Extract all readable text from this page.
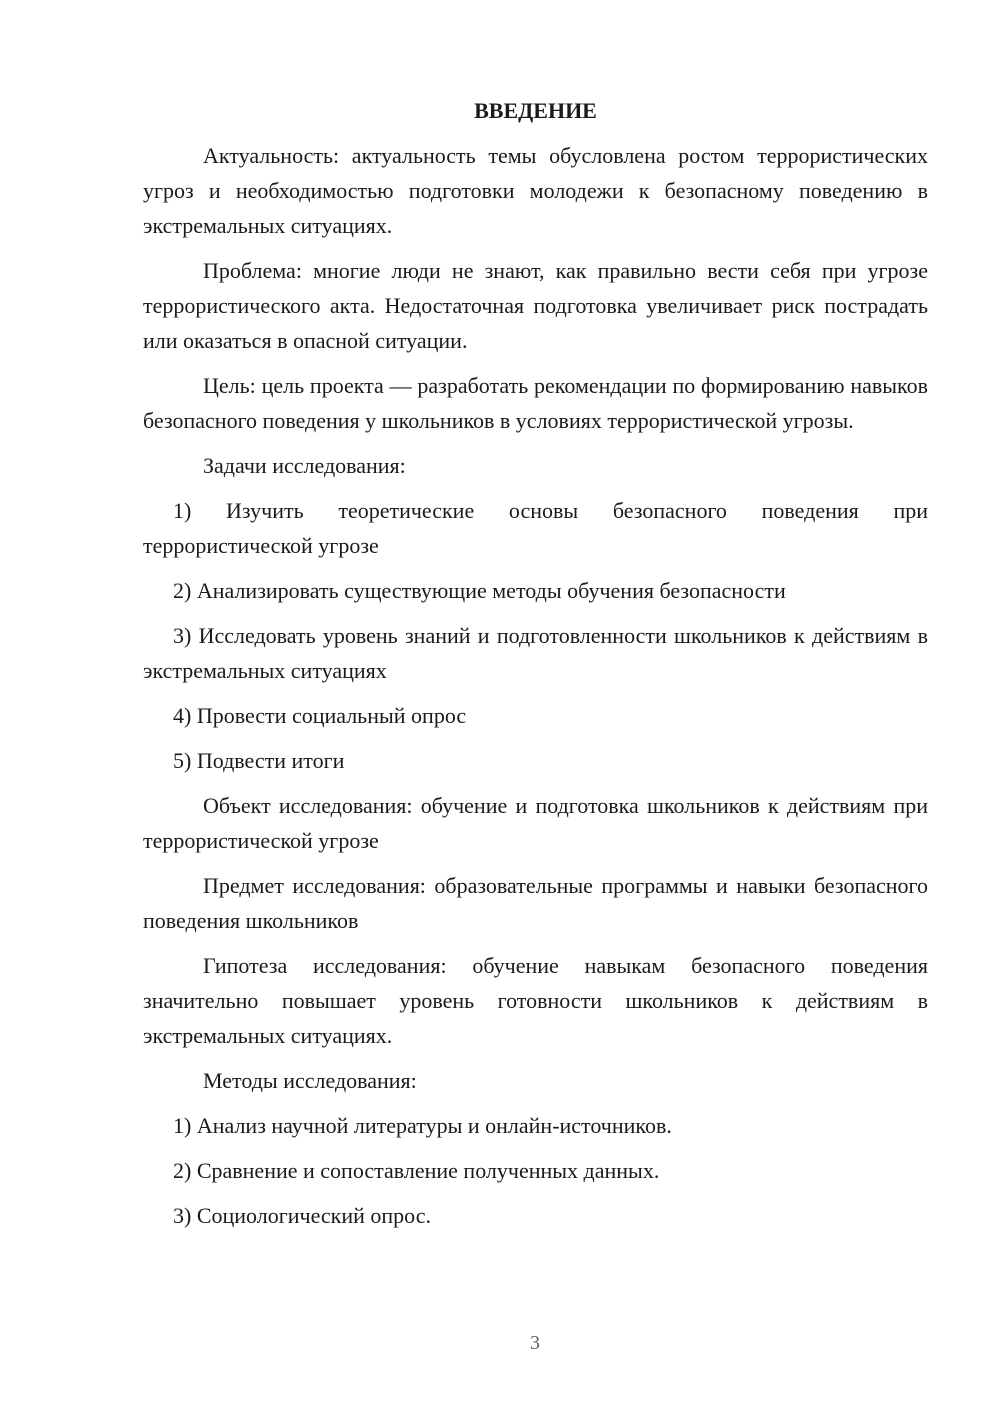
ВВЕДЕНИЕ

Актуальность: актуальность темы обусловлена ростом террористических угроз и необходимостью подготовки молодежи к безопасному поведению в экстремальных ситуациях.

Проблема: многие люди не знают, как правильно вести себя при угрозе террористического акта. Недостаточная подготовка увеличивает риск пострадать или оказаться в опасной ситуации.

Цель: цель проекта — разработать рекомендации по формированию навыков безопасного поведения у школьников в условиях террористической угрозы.

Задачи исследования:

1) Изучить теоретические основы безопасного поведения при террористической угрозе

2) Анализировать существующие методы обучения безопасности

3) Исследовать уровень знаний и подготовленности школьников к действиям в экстремальных ситуациях

4) Провести социальный опрос

5) Подвести итоги

Объект исследования: обучение и подготовка школьников к действиям при террористической угрозе

Предмет исследования: образовательные программы и навыки безопасного поведения школьников

Гипотеза исследования: обучение навыкам безопасного поведения значительно повышает уровень готовности школьников к действиям в экстремальных ситуациях.

Методы исследования:

1) Анализ научной литературы и онлайн-источников.

2) Сравнение и сопоставление полученных данных.

3) Социологический опрос.

3
